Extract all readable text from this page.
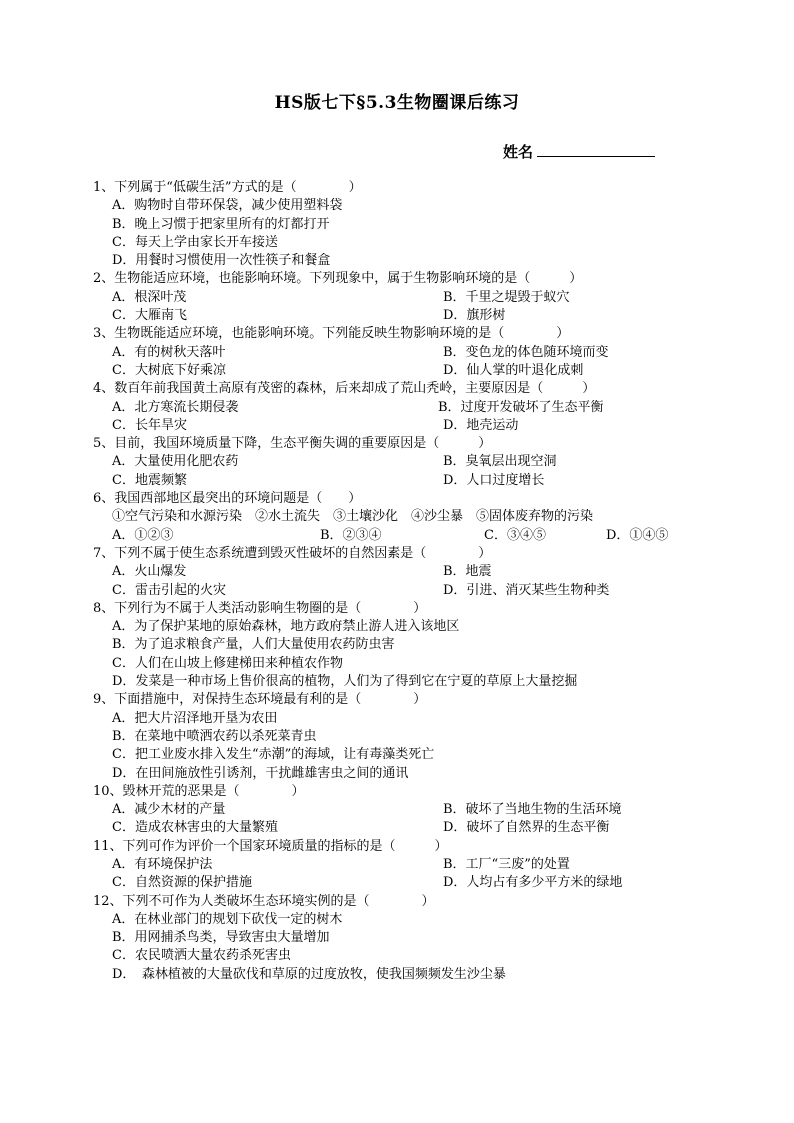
HS版七下§5.3生物圈课后练习
姓名
1、下列属于“低碳生活”方式的是（　　　　）
A．购物时自带环保袋，减少使用塑料袋
B．晚上习惯于把家里所有的灯都打开
C．每天上学由家长开车接送
D．用餐时习惯使用一次性筷子和餐盒
2、生物能适应环境，也能影响环境。下列现象中，属于生物影响环境的是（　　　）
A．根深叶茂	B．千里之堤毁于蚁穴
C．大雁南飞	D．旗形树
3、生物既能适应环境，也能影响环境。下列能反映生物影响环境的是（　　　　）
A．有的树秋天落叶	B．变色龙的体色随环境而变
C．大树底下好乘凉	D．仙人掌的叶退化成刺
4、数百年前我国黄土高原有茂密的森林，后来却成了荒山秃岭，主要原因是（　　　）
A．北方寒流长期侵袭	B．过度开发破坏了生态平衡
C．长年旱灾	D．地壳运动
5、目前，我国环境质量下降，生态平衡失调的重要原因是（　　　）
A．大量使用化肥农药	B．臭氧层出现空洞
C．地震频繁	D．人口过度增长
6、我国西部地区最突出的环境问题是（　　）
①空气污染和水源污染　②水土流失　③土壤沙化　④沙尘暴　⑤固体废弃物的污染
A．①②③	B．②③④	C．③④⑤	D．①④⑤
7、下列不属于使生态系统遭到毁灭性破坏的自然因素是（　　　　）
A．火山爆发	B．地震
C．雷击引起的火灾	D．引进、消灭某些生物种类
8、下列行为不属于人类活动影响生物圈的是（　　　　）
A．为了保护某地的原始森林，地方政府禁止游人进入该地区
B．为了追求粮食产量，人们大量使用农药防虫害
C．人们在山坡上修建梯田来种植农作物
D．发菜是一种市场上售价很高的植物，人们为了得到它在宁夏的草原上大量挖掘
9、下面措施中，对保持生态环境最有利的是（　　　　）
A．把大片沼泽地开垦为农田
B．在菜地中喷洒农药以杀死菜青虫
C．把工业废水排入发生“赤潮”的海域，让有毒藻类死亡
D．在田间施放性引诱剂，干扰雌雄害虫之间的通讯
10、毁林开荒的恶果是（　　　　）
A．减少木材的产量	B．破坏了当地生物的生活环境
C．造成农林害虫的大量繁殖	D．破坏了自然界的生态平衡
11、下列可作为评价一个国家环境质量的指标的是（　　　）
A．有环境保护法	B．工厂“三废”的处置
C．自然资源的保护措施	D．人均占有多少平方米的绿地
12、下列不可作为人类破坏生态环境实例的是（　　　　）
A．在林业部门的规划下砍伐一定的树木
B．用网捕杀鸟类，导致害虫大量增加
C．农民喷洒大量农药杀死害虫
D．　森林植被的大量砍伐和草原的过度放牧，使我国频频发生沙尘暴
